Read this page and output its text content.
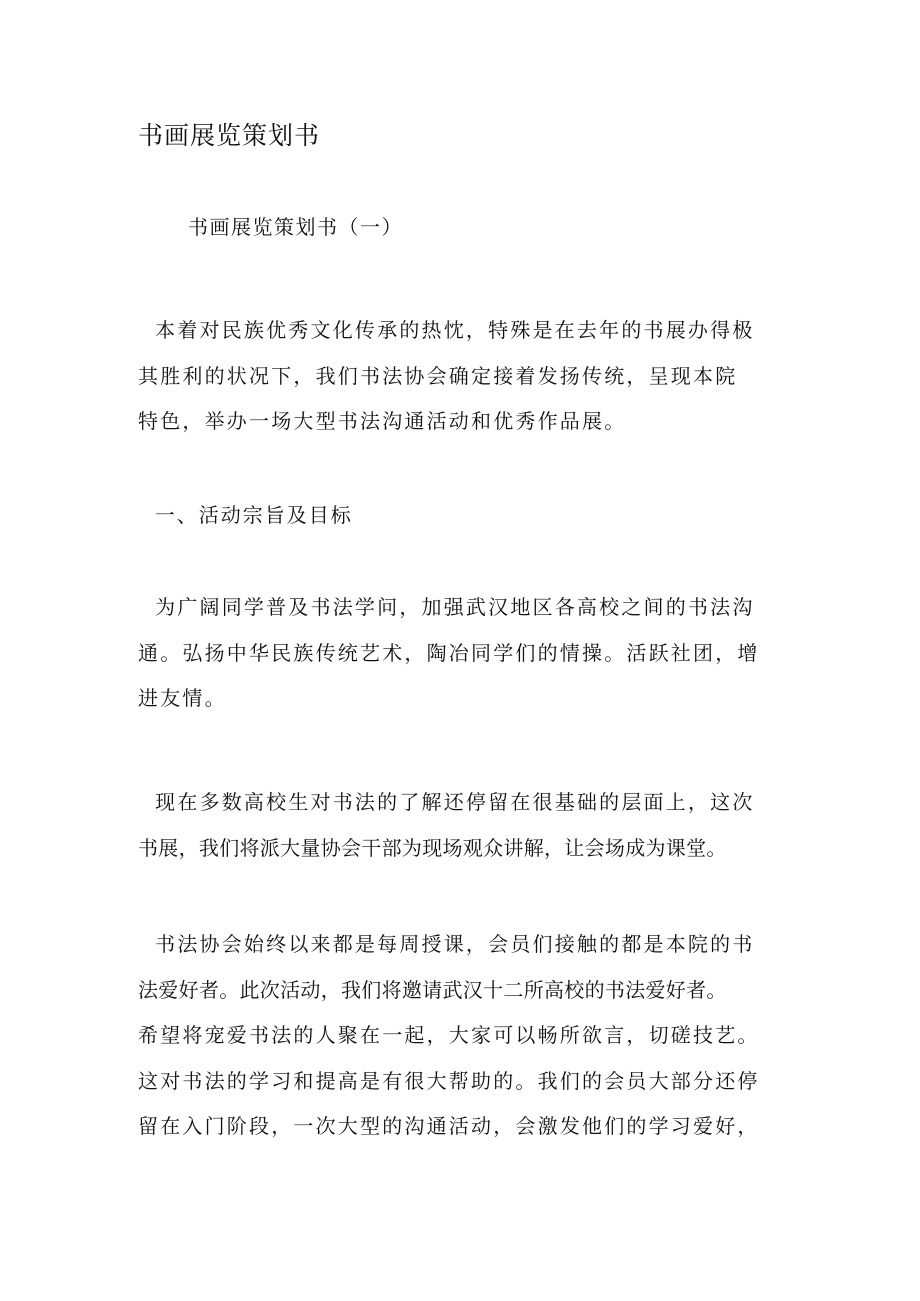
书画展览策划书
书画展览策划书（一）
本着对民族优秀文化传承的热忱，特殊是在去年的书展办得极
其胜利的状况下，我们书法协会确定接着发扬传统，呈现本院
特色，举办一场大型书法沟通活动和优秀作品展。
一、活动宗旨及目标
为广阔同学普及书法学问，加强武汉地区各高校之间的书法沟
通。弘扬中华民族传统艺术，陶冶同学们的情操。活跃社团，增
进友情。
现在多数高校生对书法的了解还停留在很基础的层面上，这次
书展，我们将派大量协会干部为现场观众讲解，让会场成为课堂。
书法协会始终以来都是每周授课，会员们接触的都是本院的书
法爱好者。此次活动，我们将邀请武汉十二所高校的书法爱好者。
希望将宠爱书法的人聚在一起，大家可以畅所欲言，切磋技艺。
这对书法的学习和提高是有很大帮助的。我们的会员大部分还停
留在入门阶段，一次大型的沟通活动，会激发他们的学习爱好，
